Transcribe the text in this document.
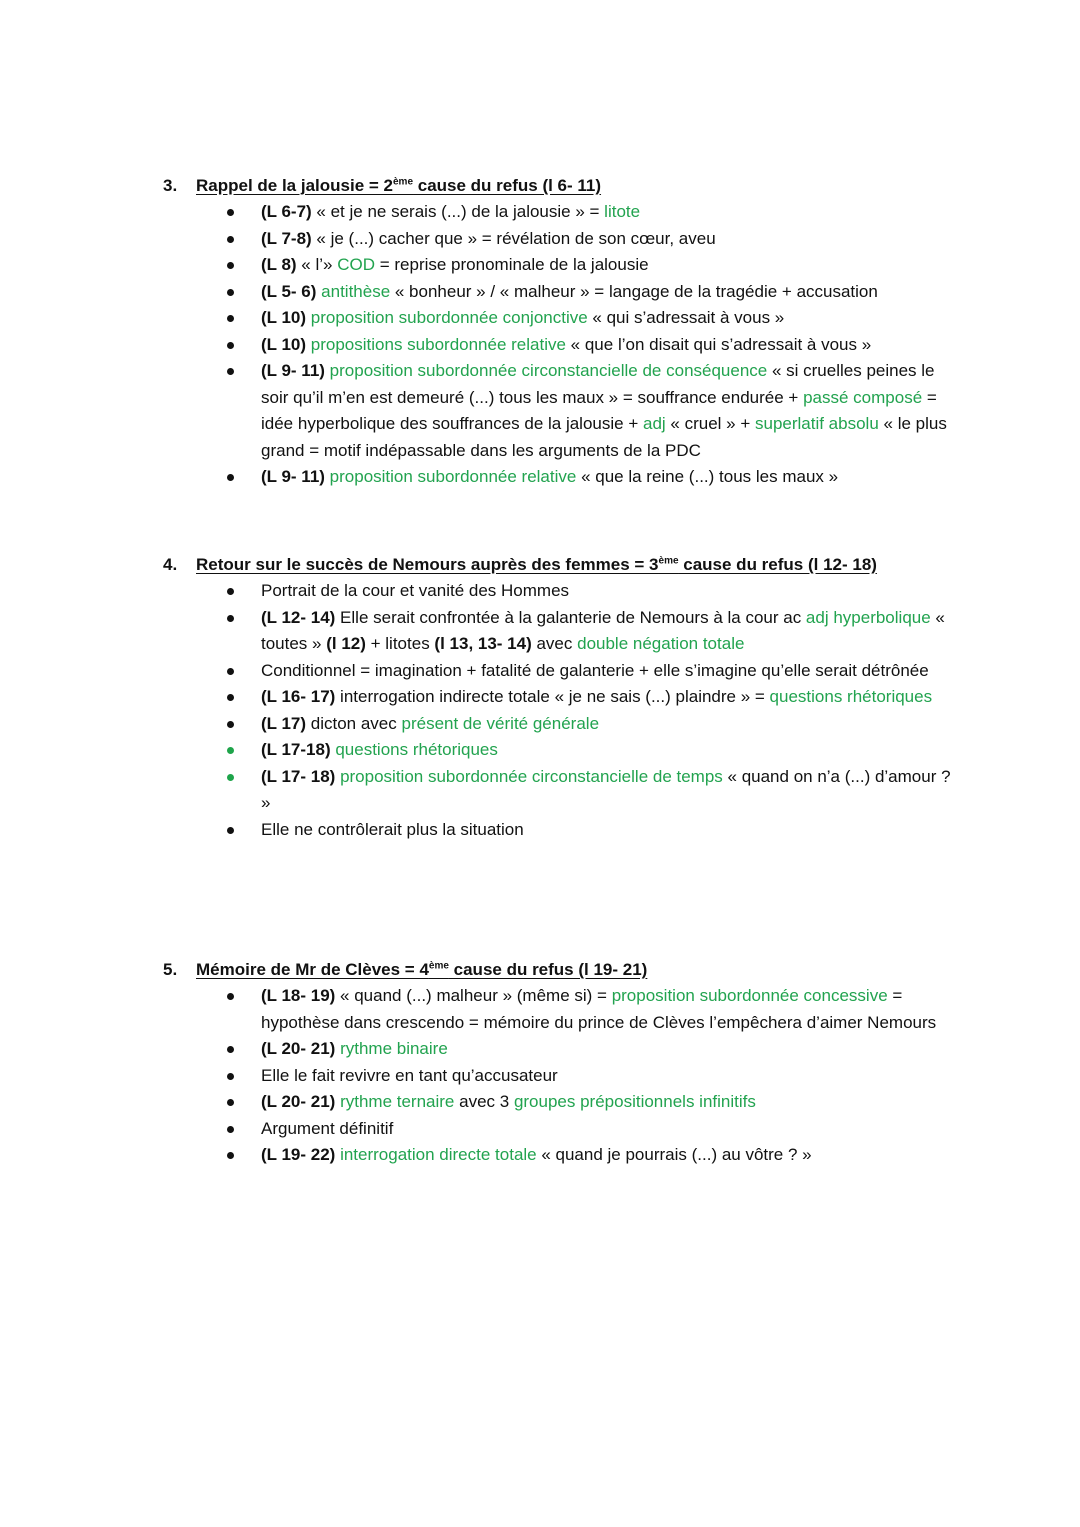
3.	Rappel de la jalousie = 2ème cause du refus (l 6- 11)
(L 6-7) « et je ne serais (...) de la jalousie » = litote
(L 7-8) « je (...) cacher que » = révélation de son cœur, aveu
(L 8) « l’» COD = reprise pronominale de la jalousie
(L 5- 6) antithèse « bonheur » / « malheur » = langage de la tragédie + accusation
(L 10) proposition subordonnée conjonctive « qui s’adressait à vous »
(L 10) propositions subordonnée relative « que l’on disait qui s’adressait à vous »
(L 9- 11) proposition subordonnée circonstancielle de conséquence « si cruelles peines le soir qu’il m’en est demeuré (...) tous les maux » = souffrance endurée + passé composé = idée hyperbolique des souffrances de la jalousie + adj « cruel » + superlatif absolu « le plus grand = motif indépassable dans les arguments de la PDC
(L 9- 11) proposition subordonnée relative « que la reine (...) tous les maux »
4.	Retour sur le succès de Nemours auprès des femmes = 3ème cause du refus (l 12- 18)
Portrait de la cour et vanité des Hommes
(L 12- 14) Elle serait confrontée à la galanterie de Nemours à la cour ac adj hyperbolique « toutes » (l 12) + litotes (l 13, 13- 14) avec double négation totale
Conditionnel = imagination + fatalité de galanterie + elle s’imagine qu’elle serait détrônée
(L 16- 17) interrogation indirecte totale « je ne sais (...) plaindre » = questions rhétoriques
(L 17) dicton avec présent de vérité générale
(L 17-18) questions rhétoriques
(L 17- 18) proposition subordonnée circonstancielle de temps « quand on n’a (...) d’amour ? »
Elle ne contrôlerait plus la situation
5.	Mémoire de Mr de Clèves = 4ème cause du refus (l 19- 21)
(L 18- 19) « quand (...) malheur » (même si) = proposition subordonnée concessive = hypothèse dans crescendo = mémoire du prince de Clèves l’empêchera d’aimer Nemours
(L 20- 21) rythme binaire
Elle le fait revivre en tant qu’accusateur
(L 20- 21) rythme ternaire avec 3 groupes prépositionnels infinitifs
Argument définitif
(L 19- 22) interrogation directe totale « quand je pourrais (...) au vôtre ? »
